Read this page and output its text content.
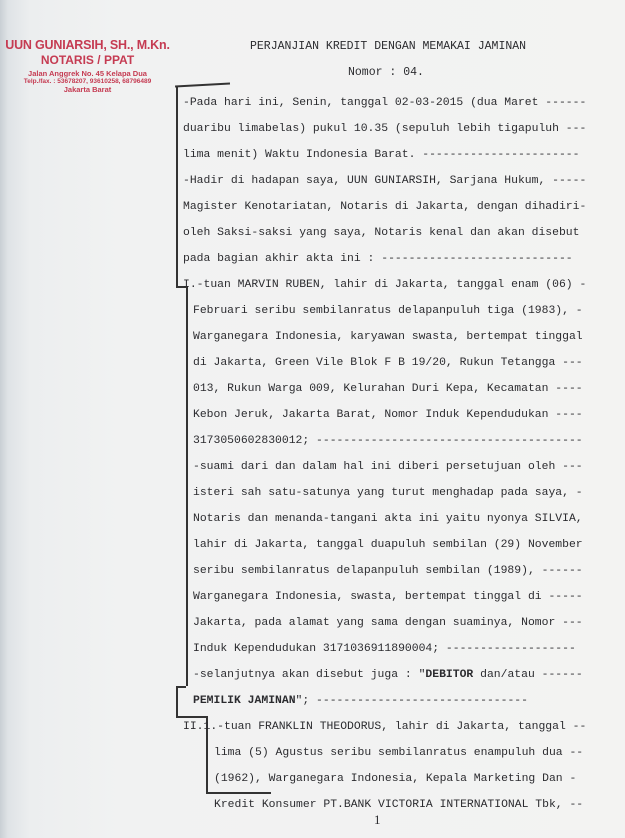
UUN GUNIARSIH, SH., M.Kn.
NOTARIS / PPAT
Jalan Anggrek No. 45 Kelapa Dua
Telp./fax. : 53678207, 93610258, 68796489
Jakarta Barat
PERJANJIAN KREDIT DENGAN MEMAKAI JAMINAN
Nomor : 04.
-Pada hari ini, Senin, tanggal 02-03-2015 (dua Maret ------
duaribu limabelas) pukul 10.35 (sepuluh lebih tigapuluh ---
lima menit) Waktu Indonesia Barat. -----------------------
-Hadir di hadapan saya, UUN GUNIARSIH, Sarjana Hukum, -----
Magister Kenotariatan, Notaris di Jakarta, dengan dihadiri-
oleh Saksi-saksi yang saya, Notaris kenal dan akan disebut
pada bagian akhir akta ini : ----------------------------
I.-tuan MARVIN RUBEN, lahir di Jakarta, tanggal enam (06) -
Februari seribu sembilanratus delapanpuluh tiga (1983), -
Warganegara Indonesia, karyawan swasta, bertempat tinggal
di Jakarta, Green Vile Blok F B 19/20, Rukun Tetangga ---
013, Rukun Warga 009, Kelurahan Duri Kepa, Kecamatan ----
Kebon Jeruk, Jakarta Barat, Nomor Induk Kependudukan ----
3173050602830012; ---------------------------------------
-suami dari dan dalam hal ini diberi persetujuan oleh ---
isteri sah satu-satunya yang turut menghadap pada saya, -
Notaris dan menanda-tangani akta ini yaitu nyonya SILVIA,
lahir di Jakarta, tanggal duapuluh sembilan (29) November
seribu sembilanratus delapanpuluh sembilan (1989), ------
Warganegara Indonesia, swasta, bertempat tinggal di -----
Jakarta, pada alamat yang sama dengan suaminya, Nomor ---
Induk Kependudukan 3171036911890004; -------------------
-selanjutnya akan disebut juga : "DEBITOR dan/atau ------
PEMILIK JAMINAN"; -------------------------------
II.1.-tuan FRANKLIN THEODORUS, lahir di Jakarta, tanggal --
lima (5) Agustus seribu sembilanratus enampuluh dua --
(1962), Warganegara Indonesia, Kepala Marketing Dan -
Kredit Konsumer PT.BANK VICTORIA INTERNATIONAL Tbk, --
1
